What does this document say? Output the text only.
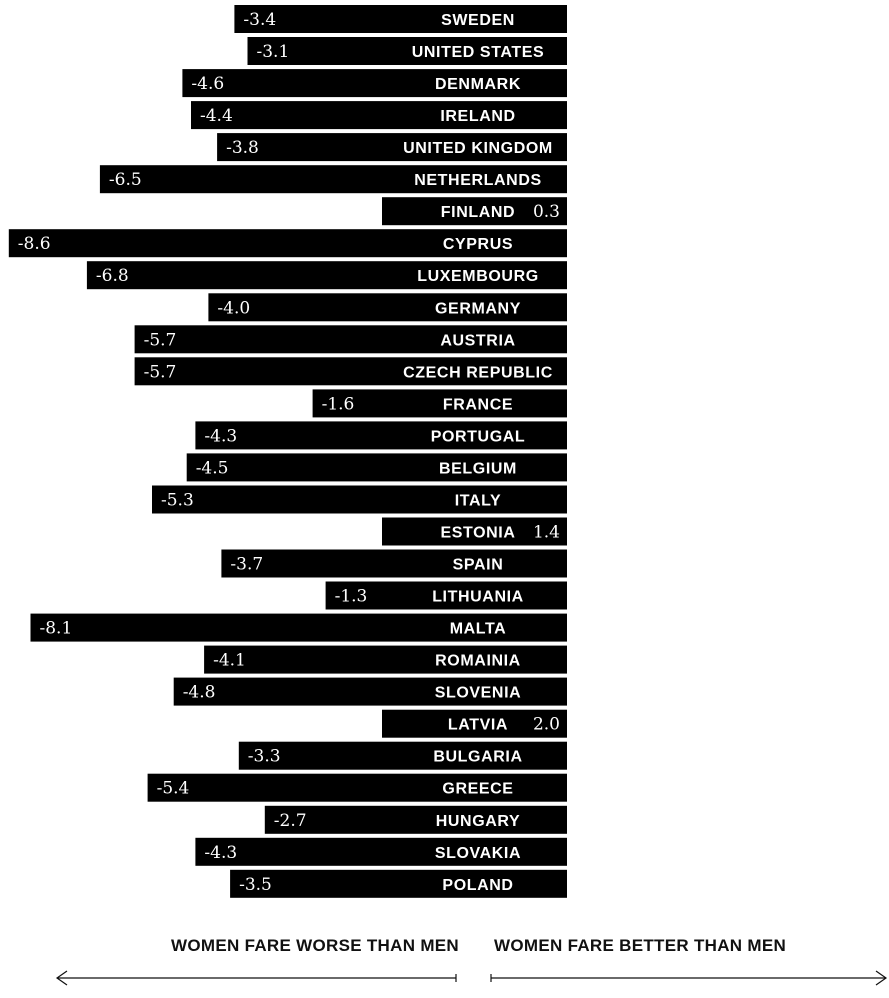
SWEDEN
-3.4
UNITED STATES
-3.1
DENMARK
-4.6
IRELAND
-4.4
UNITED KINGDOM
-3.8
NETHERLANDS
-6.5
FINLAND 0.3
CYPRUS
-8.6
LUXEMBOURG
-6.8
GERMANY
-4.0
AUSTRIA
-5.7
CZECH REPUBLIC
-5.7
FRANCE
-1.6
PORTUGAL
-4.3
BELGIUM
-4.5
ITALY
-5.3
ESTONIA 1.4
SPAIN
-3.7
LITHUANIA
-1.3
MALTA
-8.1
ROMAINIA
-4.1
SLOVENIA
-4.8
LATVIA 2.0
BULGARIA
-3.3
GREECE
-5.4
HUNGARY
-2.7
SLOVAKIA
-4.3
POLAND
-3.5
WOMEN FARE WORSE THAN MEN WOMEN FARE BETTER THAN MEN
